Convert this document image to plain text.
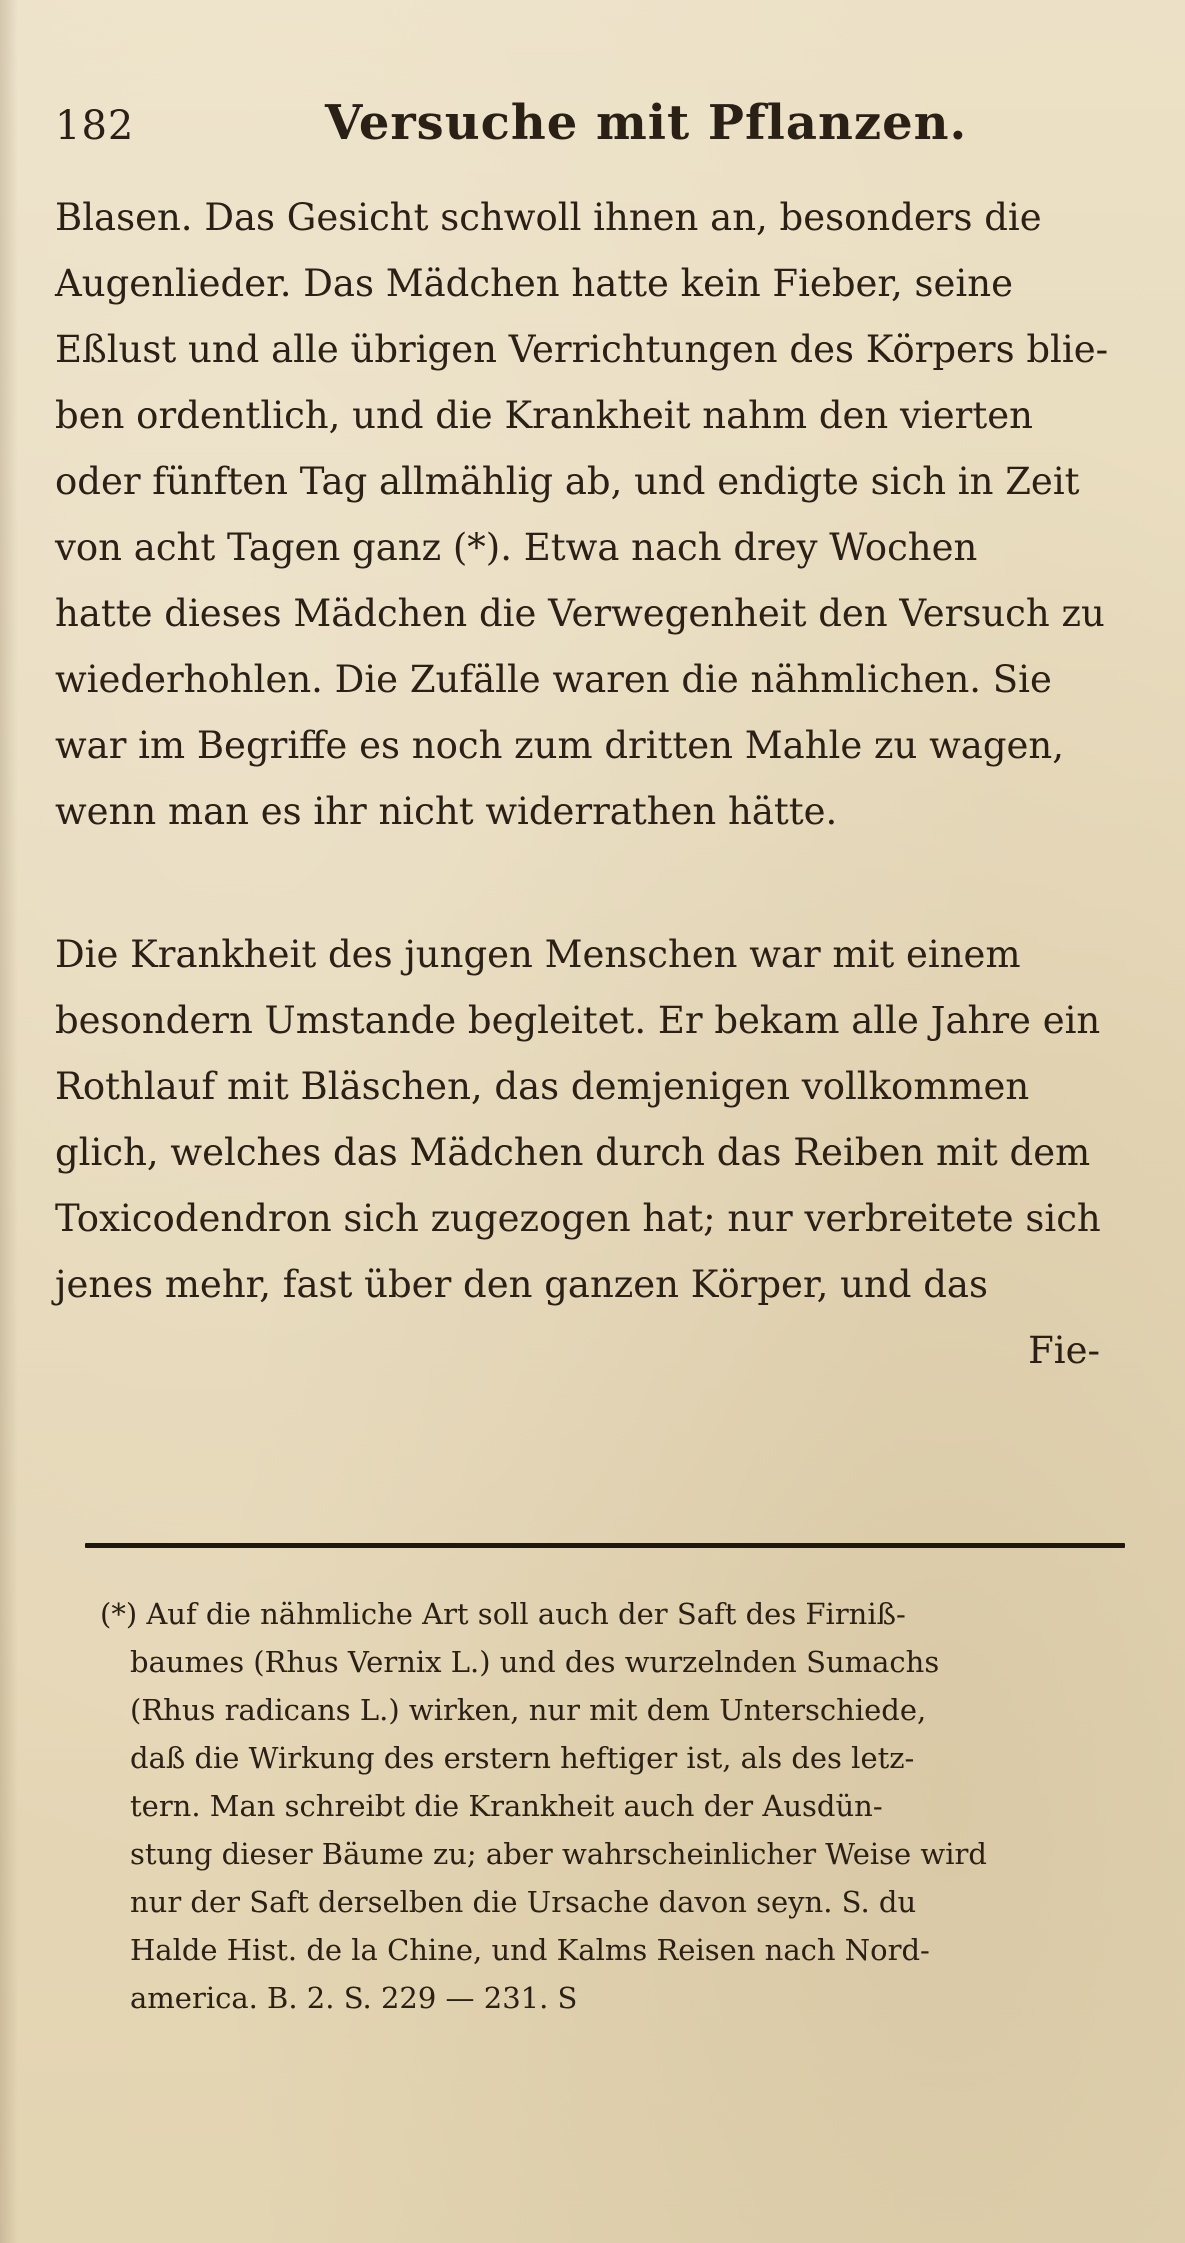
182	Versuche mit Pflanzen.

Blasen. Das Gesicht schwoll ihnen an, besonders die
Augenlieder. Das Mädchen hatte kein Fieber, seine
Eßlust und alle übrigen Verrichtungen des Körpers blie-
ben ordentlich, und die Krankheit nahm den vierten
oder fünften Tag allmählig ab, und endigte sich in Zeit
von acht Tagen ganz (*). Etwa nach drey Wochen
hatte dieses Mädchen die Verwegenheit den Versuch zu
wiederhohlen. Die Zufälle waren die nähmlichen. Sie
war im Begriffe es noch zum dritten Mahle zu wagen,
wenn man es ihr nicht widerrathen hätte.

Die Krankheit des jungen Menschen war mit einem
besondern Umstande begleitet. Er bekam alle Jahre ein
Rothlauf mit Bläschen, das demjenigen vollkommen
glich, welches das Mädchen durch das Reiben mit dem
Toxicodendron sich zugezogen hat; nur verbreitete sich
jenes mehr, fast über den ganzen Körper, und das
Fie-

(*) Auf die nähmliche Art soll auch der Saft des Firniß-
baumes (Rhus Vernix L.) und des wurzelnden Sumachs
(Rhus radicans L.) wirken, nur mit dem Unterschiede,
daß die Wirkung des erstern heftiger ist, als des letz-
tern. Man schreibt die Krankheit auch der Ausdün-
stung dieser Bäume zu; aber wahrscheinlicher Weise wird
nur der Saft derselben die Ursache davon seyn. S. du
Halde Hist. de la Chine, und Kalms Reisen nach Nord-
america. B. 2. S. 229 — 231. S
